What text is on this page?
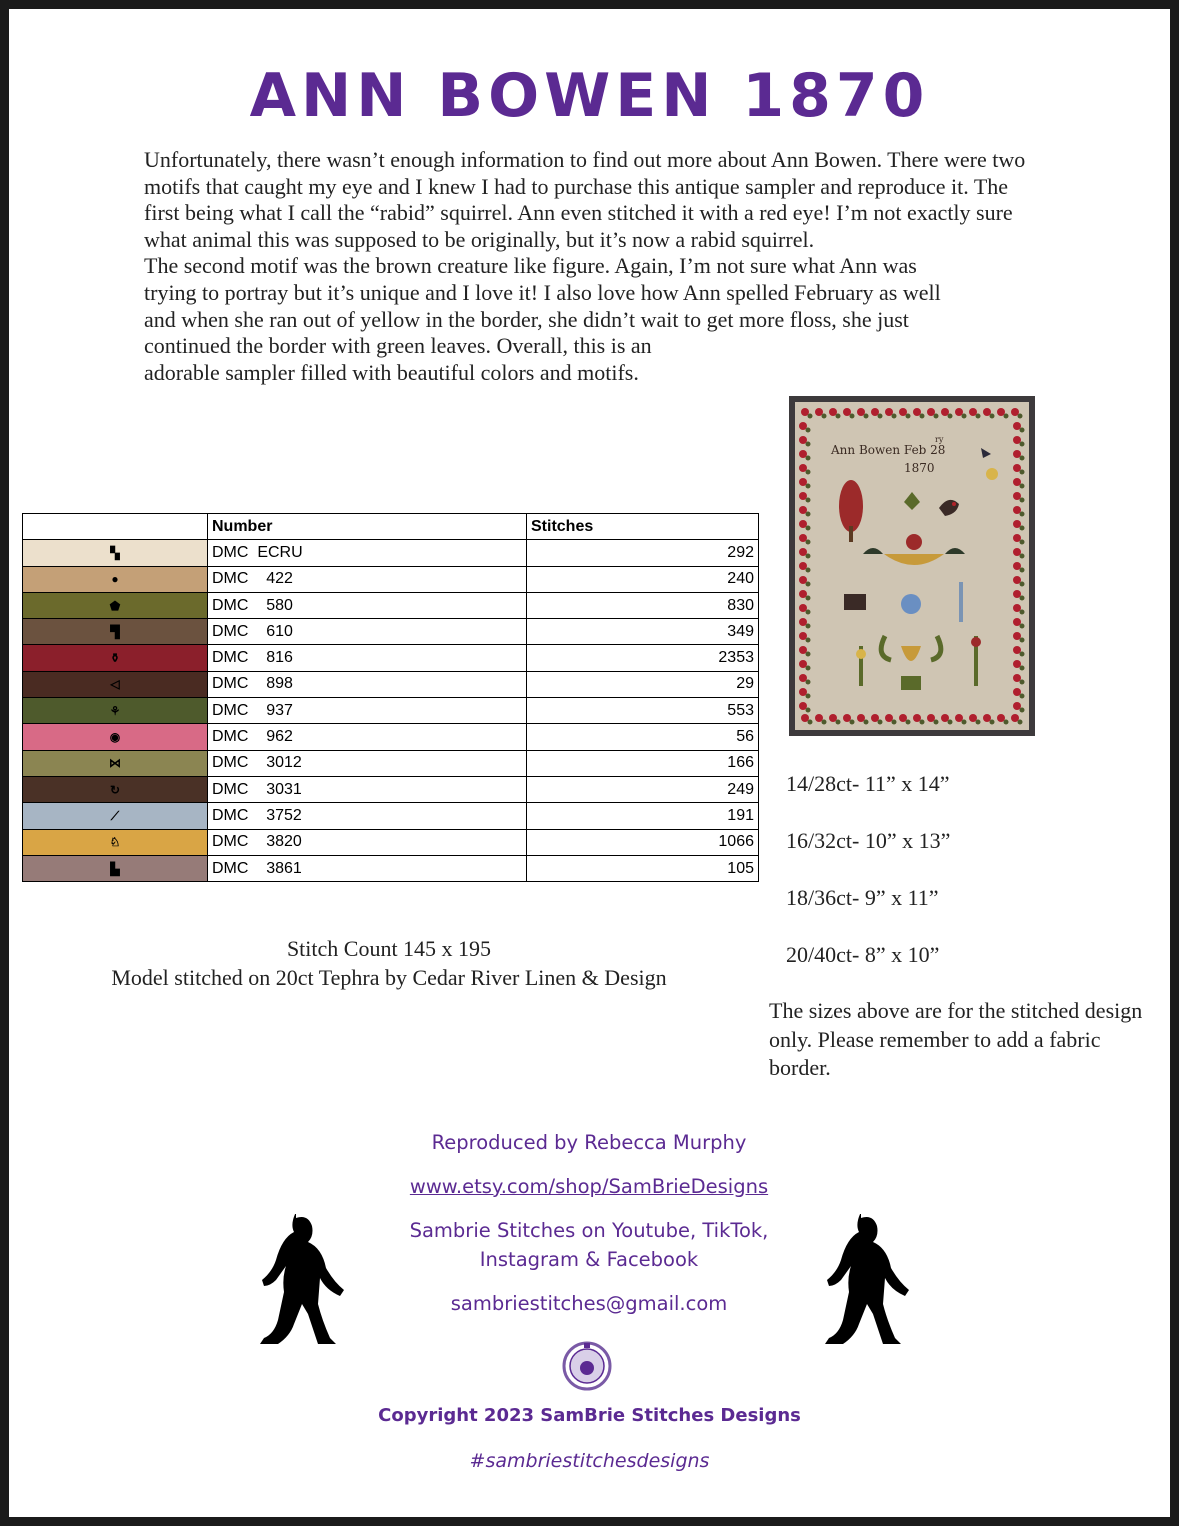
ANN BOWEN 1870

Unfortunately, there wasn’t enough information to find out more about Ann Bowen. There were two motifs that caught my eye and I knew I had to purchase this antique sampler and reproduce it. The first being what I call the “rabid” squirrel. Ann even stitched it with a red eye! I’m not exactly sure what animal this was supposed to be originally, but it’s now a rabid squirrel.

The second motif was the brown creature like figure. Again, I’m not sure what Ann was
trying to portray but it’s unique and I love it! I also love how Ann spelled February as well
and when she ran out of yellow in the border, she didn’t wait to get more floss, she just
continued the border with green leaves. Overall, this is an
adorable sampler filled with beautiful colors and motifs.
Ann Bowen Feb 28
ry
1870
	Number	Stitches
▚	DMC  ECRU	292
●	DMC    422	240
⬟	DMC    580	830
▜	DMC    610	349
⚱	DMC    816	2353
◁	DMC    898	29
⚘	DMC    937	553
◉	DMC    962	56
⋈	DMC    3012	166
↻	DMC    3031	249
⟋	DMC    3752	191
♘	DMC    3820	1066
▙	DMC    3861	105
14/28ct- 11” x 14”
16/32ct- 10” x 13”
18/36ct- 9” x 11”
20/40ct- 8” x 10”
The sizes above are for the stitched design only. Please remember to add a fabric border.
Stitch Count 145 x 195
Model stitched on 20ct Tephra by Cedar River Linen & Design
Reproduced by Rebecca Murphy
www.etsy.com/shop/SamBrieDesigns
Sambrie Stitches on Youtube, TikTok,
Instagram & Facebook
sambriestitches@gmail.com
Copyright 2023 SamBrie Stitches Designs
#sambriestitchesdesigns
